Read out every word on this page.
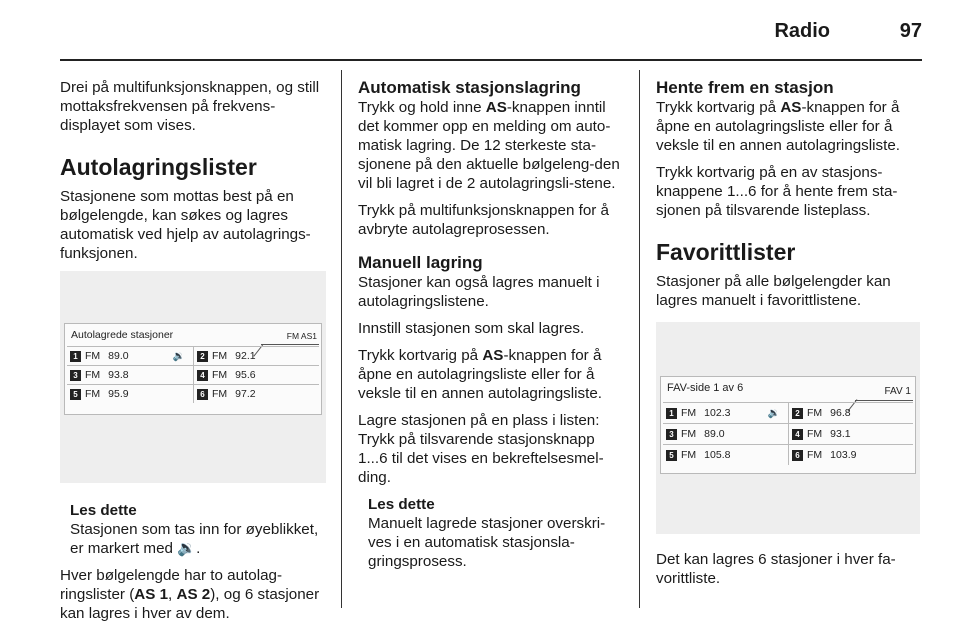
Radio	97

Drei på multifunksjonsknappen, og still mottaksfrekvensen på frekvens-displayet som vises.

Autolagringslister

Stasjonene som mottas best på en bølgelengde, kan søkes og lagres automatisk ved hjelp av autolagrings-funksjonen.

Autolagrede stasjoner	FM AS1
1 FM 89.0	🔉	2 FM 92.1
3 FM 93.8	4 FM 95.6
5 FM 95.9	6 FM 97.2
Les dette

Stasjonen som tas inn for øyeblikket, er markert med 🔉.

Hver bølgelengde har to autolag-ringslister (AS 1, AS 2), og 6 stasjoner kan lagres i hver av dem.

Automatisk stasjonslagring

Trykk og hold inne AS-knappen inntil det kommer opp en melding om auto-matisk lagring. De 12 sterkeste sta-sjonene på den aktuelle bølgeleng-den vil bli lagret i de 2 autolagringsli-stene.

Trykk på multifunksjonsknappen for å avbryte autolagreprosessen.

Manuell lagring

Stasjoner kan også lagres manuelt i autolagringslistene.

Innstill stasjonen som skal lagres.

Trykk kortvarig på AS-knappen for å åpne en autolagringsliste eller for å veksle til en annen autolagringsliste.

Lagre stasjonen på en plass i listen: Trykk på tilsvarende stasjonsknapp 1...6 til det vises en bekreftelsesmel-ding.

Les dette

Manuelt lagrede stasjoner overskri-ves i en automatisk stasjonsla-gringsprosess.

Hente frem en stasjon

Trykk kortvarig på AS-knappen for å åpne en autolagringsliste eller for å veksle til en annen autolagringsliste.

Trykk kortvarig på en av stasjons-knappene 1...6 for å hente frem sta-sjonen på tilsvarende listeplass.

Favorittlister

Stasjoner på alle bølgelengder kan lagres manuelt i favorittlistene.

FAV-side 1 av 6	FAV 1
1 FM 102.3	🔉	2 FM 96.8
3 FM 89.0	4 FM 93.1
5 FM 105.8	6 FM 103.9

Det kan lagres 6 stasjoner i hver fa-vorittliste.
